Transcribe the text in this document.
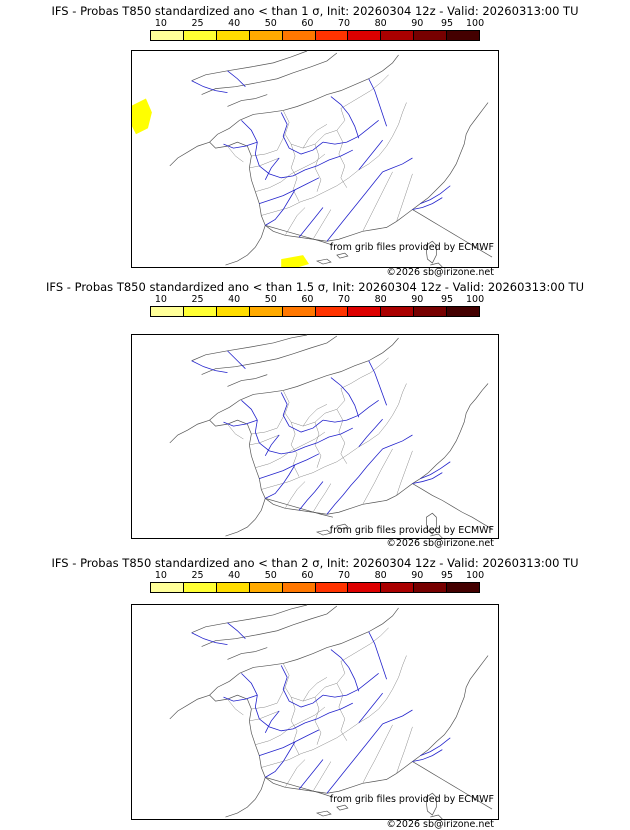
IFS - Probas T850 standardized ano < than 1 σ, Init: 20260304 12z - Valid: 20260313:00 TU
10	25	40	50	60	70	80	90 95 100
from grib files provided by ECMWF
©2026 sb@irizone.net
IFS - Probas T850 standardized ano < than 1.5 σ, Init: 20260304 12z - Valid: 20260313:00 TU
10	25	40	50	60	70	80	90 95 100
from grib files provided by ECMWF
©2026 sb@irizone.net
IFS - Probas T850 standardized ano < than 2 σ, Init: 20260304 12z - Valid: 20260313:00 TU
10	25	40	50	60	70	80	90 95 100
from grib files provided by ECMWF
©2026 sb@irizone.net
